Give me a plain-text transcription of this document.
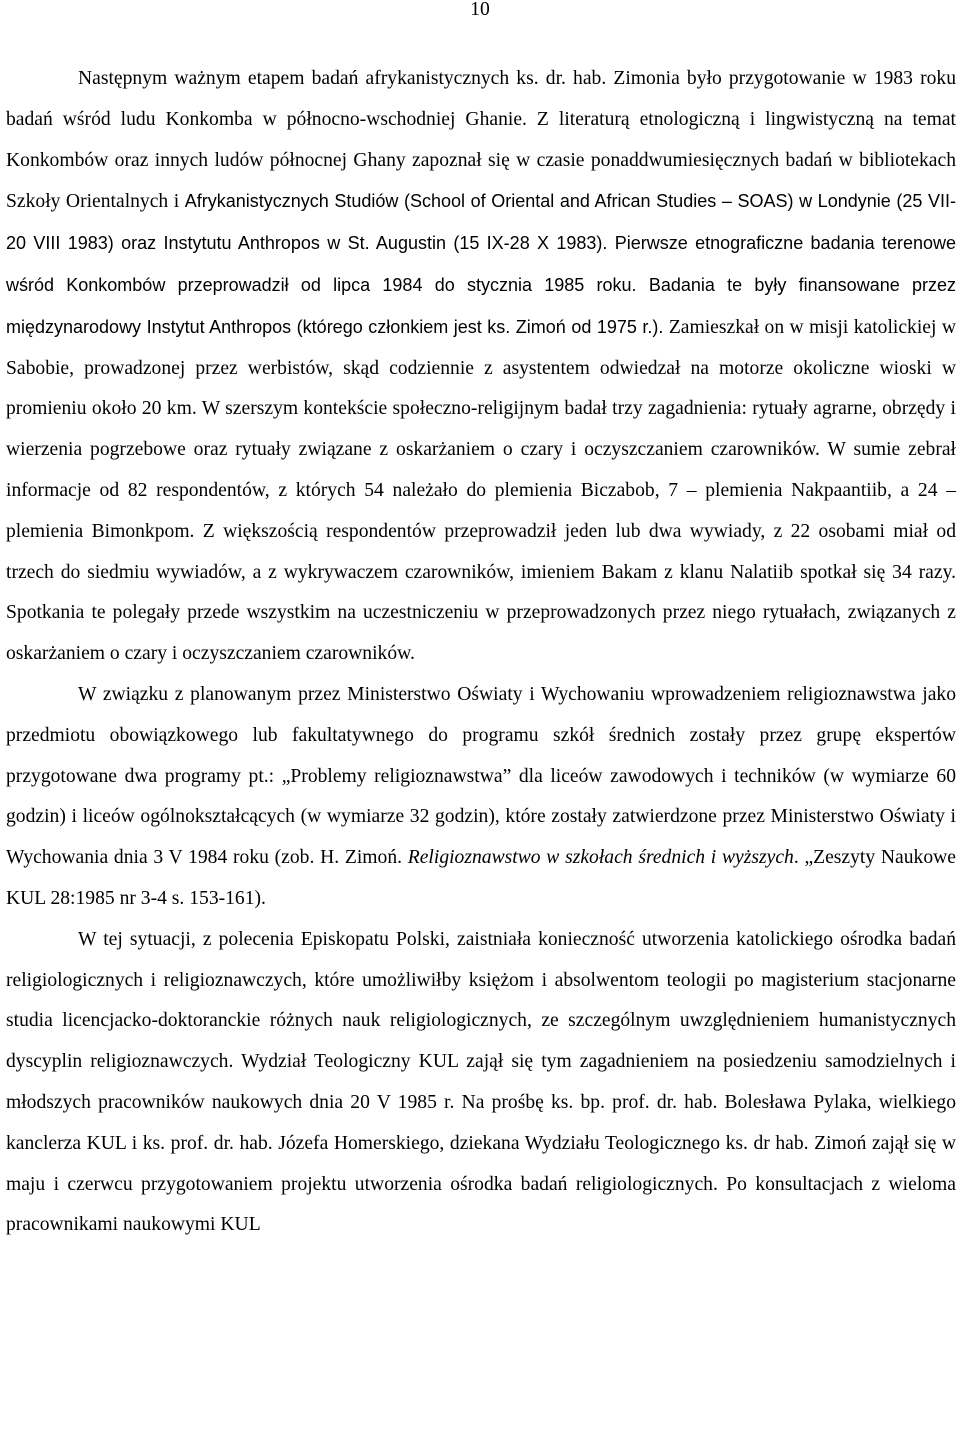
10

Następnym ważnym etapem badań afrykanistycznych ks. dr. hab. Zimonia było przygotowanie w 1983 roku badań wśród ludu Konkomba w północno-wschodniej Ghanie. Z literaturą etnologiczną i lingwistyczną na temat Konkombów oraz innych ludów północnej Ghany zapoznał się w czasie ponaddwumiesięcznych badań w bibliotekach Szkoły Orientalnych i Afrykanistycznych Studiów (School of Oriental and African Studies – SOAS) w Londynie (25 VII-20 VIII 1983) oraz Instytutu Anthropos w St. Augustin (15 IX-28 X 1983). Pierwsze etnograficzne badania terenowe wśród Konkombów przeprowadził od lipca 1984 do stycznia 1985 roku. Badania te były finansowane przez międzynarodowy Instytut Anthropos (którego członkiem jest ks. Zimoń od 1975 r.). Zamieszkał on w misji katolickiej w Sabobie, prowadzonej przez werbistów, skąd codziennie z asystentem odwiedzał na motorze okoliczne wioski w promieniu około 20 km. W szerszym kontekście społeczno-religijnym badał trzy zagadnienia: rytuały agrarne, obrzędy i wierzenia pogrzebowe oraz rytuały związane z oskarżaniem o czary i oczyszczaniem czarowników. W sumie zebrał informacje od 82 respondentów, z których 54 należało do plemienia Biczabob, 7 – plemienia Nakpaantiib, a 24 – plemienia Bimonkpom. Z większością respondentów przeprowadził jeden lub dwa wywiady, z 22 osobami miał od trzech do siedmiu wywiadów, a z wykrywaczem czarowników, imieniem Bakam z klanu Nalatiib spotkał się 34 razy. Spotkania te polegały przede wszystkim na uczestniczeniu w przeprowadzonych przez niego rytuałach, związanych z oskarżaniem o czary i oczyszczaniem czarowników.

W związku z planowanym przez Ministerstwo Oświaty i Wychowaniu wprowadzeniem religioznawstwa jako przedmiotu obowiązkowego lub fakultatywnego do programu szkół średnich zostały przez grupę ekspertów przygotowane dwa programy pt.: „Problemy religioznawstwa” dla liceów zawodowych i techników (w wymiarze 60 godzin) i liceów ogólnokształcących (w wymiarze 32 godzin), które zostały zatwierdzone przez Ministerstwo Oświaty i Wychowania dnia 3 V 1984 roku (zob. H. Zimoń. Religioznawstwo w szkołach średnich i wyższych. „Zeszyty Naukowe KUL 28:1985 nr 3-4 s. 153-161).

W tej sytuacji, z polecenia Episkopatu Polski, zaistniała konieczność utworzenia katolickiego ośrodka badań religiologicznych i religioznawczych, które umożliwiłby księżom i absolwentom teologii po magisterium stacjonarne studia licencjacko-doktoranckie różnych nauk religiologicznych, ze szczególnym uwzględnieniem humanistycznych dyscyplin religioznawczych. Wydział Teologiczny KUL zajął się tym zagadnieniem na posiedzeniu samodzielnych i młodszych pracowników naukowych dnia 20 V 1985 r. Na prośbę ks. bp. prof. dr. hab. Bolesława Pylaka, wielkiego kanclerza KUL i ks. prof. dr. hab. Józefa Homerskiego, dziekana Wydziału Teologicznego ks. dr hab. Zimoń zajął się w maju i czerwcu przygotowaniem projektu utworzenia ośrodka badań religiologicznych. Po konsultacjach z wieloma pracownikami naukowymi KUL
